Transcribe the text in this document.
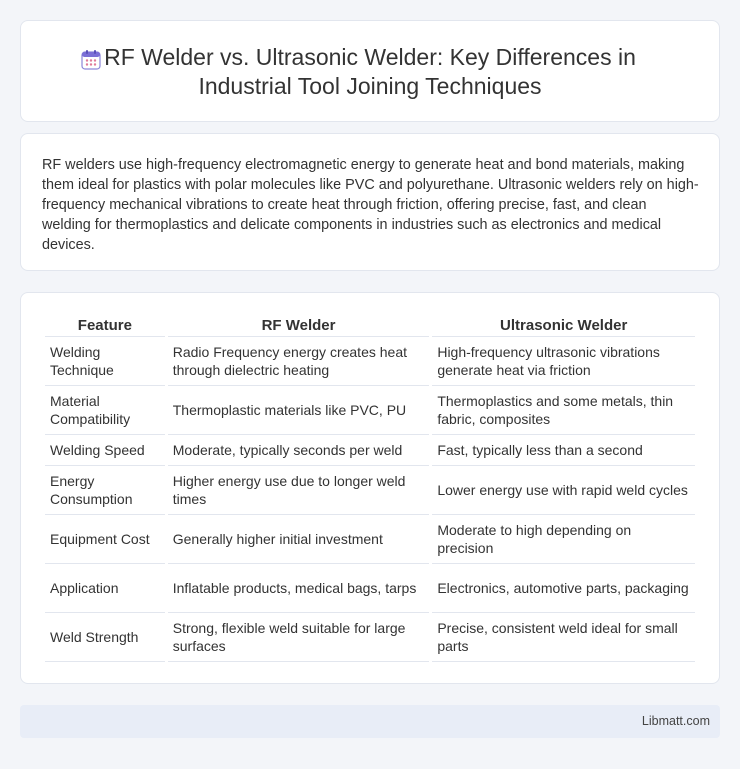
RF Welder vs. Ultrasonic Welder: Key Differences in
Industrial Tool Joining Techniques

RF welders use high-frequency electromagnetic energy to generate heat and bond materials, making them ideal for plastics with polar molecules like PVC and polyurethane. Ultrasonic welders rely on high-frequency mechanical vibrations to create heat through friction, offering precise, fast, and clean welding for thermoplastics and delicate components in industries such as electronics and medical devices.

Feature	RF Welder	Ultrasonic Welder
Welding Technique	Radio Frequency energy creates heat through dielectric heating	High-frequency ultrasonic vibrations generate heat via friction
Material Compatibility	Thermoplastic materials like PVC, PU	Thermoplastics and some metals, thin fabric, composites
Welding Speed	Moderate, typically seconds per weld	Fast, typically less than a second
Energy Consumption	Higher energy use due to longer weld times	Lower energy use with rapid weld cycles
Equipment Cost	Generally higher initial investment	Moderate to high depending on precision
Application	Inflatable products, medical bags, tarps	Electronics, automotive parts, packaging
Weld Strength	Strong, flexible weld suitable for large surfaces	Precise, consistent weld ideal for small parts
Libmatt.com
